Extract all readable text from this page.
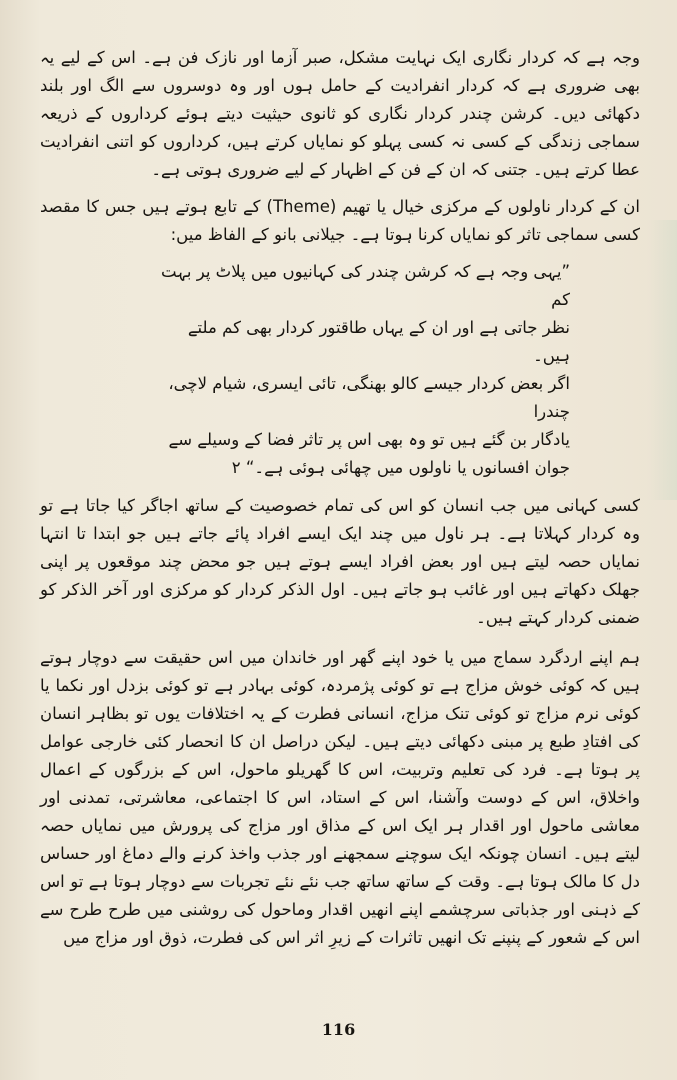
وجہ ہے کہ کردار نگاری ایک نہایت مشکل، صبر آزما اور نازک فن ہے۔ اس کے لیے یہ بھی ضروری ہے کہ کردار انفرادیت کے حامل ہوں اور وہ دوسروں سے الگ اور بلند دکھائی دیں۔ کرشن چندر کردار نگاری کو ثانوی حیثیت دیتے ہوئے کرداروں کے ذریعہ سماجی زندگی کے کسی نہ کسی پہلو کو نمایاں کرتے ہیں، کرداروں کو اتنی انفرادیت عطا کرتے ہیں۔ جتنی کہ ان کے فن کے اظہار کے لیے ضروری ہوتی ہے۔

ان کے کردار ناولوں کے مرکزی خیال یا تھیم (Theme) کے تابع ہوتے ہیں جس کا مقصد کسی سماجی تاثر کو نمایاں کرنا ہوتا ہے۔ جیلانی بانو کے الفاظ میں:

”یہی وجہ ہے کہ کرشن چندر کی کہانیوں میں پلاٹ پر بہت کم
نظر جاتی ہے اور ان کے یہاں طاقتور کردار بھی کم ملتے ہیں۔
اگر بعض کردار جیسے کالو بھنگی، تائی ایسری، شیام لاچی، چندرا
یادگار بن گئے ہیں تو وہ بھی اس پر تاثر فضا کے وسیلے سے
جوان افسانوں یا ناولوں میں چھائی ہوئی ہے۔“ ۲

کسی کہانی میں جب انسان کو اس کی تمام خصوصیت کے ساتھ اجاگر کیا جاتا ہے تو وہ کردار کہلاتا ہے۔ ہر ناول میں چند ایک ایسے افراد پائے جاتے ہیں جو ابتدا تا انتہا نمایاں حصہ لیتے ہیں اور بعض افراد ایسے ہوتے ہیں جو محض چند موقعوں پر اپنی جھلک دکھاتے ہیں اور غائب ہو جاتے ہیں۔ اول الذکر کردار کو مرکزی اور آخر الذکر کو ضمنی کردار کہتے ہیں۔

ہم اپنے اردگرد سماج میں یا خود اپنے گھر اور خاندان میں اس حقیقت سے دوچار ہوتے ہیں کہ کوئی خوش مزاج ہے تو کوئی پژمردہ، کوئی بہادر ہے تو کوئی بزدل اور نکما یا کوئی نرم مزاج تو کوئی تنک مزاج، انسانی فطرت کے یہ اختلافات یوں تو بظاہر انسان کی افتادِ طبع پر مبنی دکھائی دیتے ہیں۔ لیکن دراصل ان کا انحصار کئی خارجی عوامل پر ہوتا ہے۔ فرد کی تعلیم وتربیت، اس کا گھریلو ماحول، اس کے بزرگوں کے اعمال واخلاق، اس کے دوست وآشنا، اس کے استاد، اس کا اجتماعی، معاشرتی، تمدنی اور معاشی ماحول اور اقدار ہر ایک اس کے مذاق اور مزاج کی پرورش میں نمایاں حصہ لیتے ہیں۔ انسان چونکہ ایک سوچنے سمجھنے اور جذب واخذ کرنے والے دماغ اور حساس دل کا مالک ہوتا ہے۔ وقت کے ساتھ ساتھ جب نئے نئے تجربات سے دوچار ہوتا ہے تو اس کے ذہنی اور جذباتی سرچشمے اپنے انھیں اقدار وماحول کی روشنی میں طرح طرح سے اس کے شعور کے پنپنے تک انھیں تاثرات کے زیرِ اثر اس کی فطرت، ذوق اور مزاج میں

116
